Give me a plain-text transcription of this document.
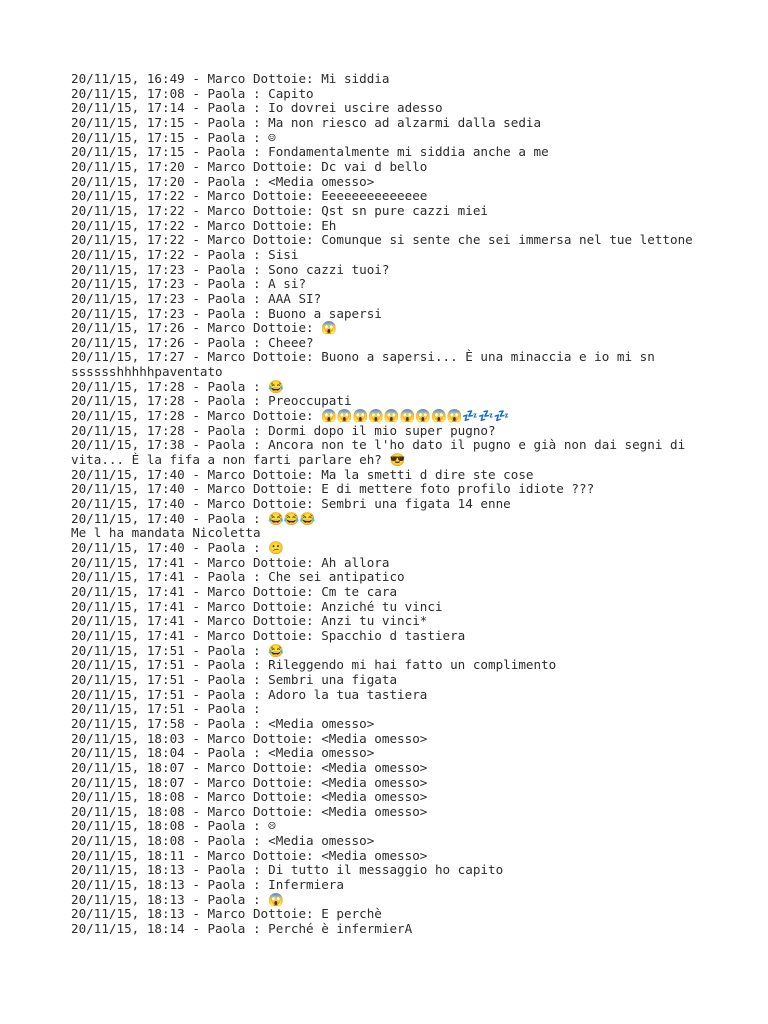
20/11/15, 16:49 - Marco Dottoie: Mi siddia
20/11/15, 17:08 - Paola : Capito
20/11/15, 17:14 - Paola : Io dovrei uscire adesso
20/11/15, 17:15 - Paola : Ma non riesco ad alzarmi dalla sedia
20/11/15, 17:15 - Paola : ☺
20/11/15, 17:15 - Paola : Fondamentalmente mi siddia anche a me
20/11/15, 17:20 - Marco Dottoie: Dc vai d bello
20/11/15, 17:20 - Paola : <Media omesso>
20/11/15, 17:22 - Marco Dottoie: Eeeeeeeeeeeeee
20/11/15, 17:22 - Marco Dottoie: Qst sn pure cazzi miei
20/11/15, 17:22 - Marco Dottoie: Eh
20/11/15, 17:22 - Marco Dottoie: Comunque si sente che sei immersa nel tue lettone
20/11/15, 17:22 - Paola : Sisi
20/11/15, 17:23 - Paola : Sono cazzi tuoi?
20/11/15, 17:23 - Paola : A si?
20/11/15, 17:23 - Paola : AAA SI?
20/11/15, 17:23 - Paola : Buono a sapersi
20/11/15, 17:26 - Marco Dottoie: 😱
20/11/15, 17:26 - Paola : Cheee?
20/11/15, 17:27 - Marco Dottoie: Buono a sapersi... È una minaccia e io mi sn sssssshhhhhpaventato
20/11/15, 17:28 - Paola : 😂
20/11/15, 17:28 - Paola : Preoccupati
20/11/15, 17:28 - Marco Dottoie: 😱😱😱😱😱😱😱😱😱💤💤💤
20/11/15, 17:28 - Paola : Dormi dopo il mio super pugno?
20/11/15, 17:38 - Paola : Ancora non te l'ho dato il pugno e già non dai segni di vita... È la fifa a non farti parlare eh? 😎
20/11/15, 17:40 - Marco Dottoie: Ma la smetti d dire ste cose
20/11/15, 17:40 - Marco Dottoie: E di mettere foto profilo idiote ???
20/11/15, 17:40 - Marco Dottoie: Sembri una figata 14 enne
20/11/15, 17:40 - Paola : 😂😂😂
Me l ha mandata Nicoletta
20/11/15, 17:40 - Paola : 😕
20/11/15, 17:41 - Marco Dottoie: Ah allora
20/11/15, 17:41 - Paola : Che sei antipatico
20/11/15, 17:41 - Marco Dottoie: Cm te cara
20/11/15, 17:41 - Marco Dottoie: Anziché tu vinci
20/11/15, 17:41 - Marco Dottoie: Anzi tu vinci*
20/11/15, 17:41 - Marco Dottoie: Spacchio d tastiera
20/11/15, 17:51 - Paola : 😂
20/11/15, 17:51 - Paola : Rileggendo mi hai fatto un complimento
20/11/15, 17:51 - Paola : Sembri una figata
20/11/15, 17:51 - Paola : Adoro la tua tastiera
20/11/15, 17:51 - Paola :
20/11/15, 17:58 - Paola : <Media omesso>
20/11/15, 18:03 - Marco Dottoie: <Media omesso>
20/11/15, 18:04 - Paola : <Media omesso>
20/11/15, 18:07 - Marco Dottoie: <Media omesso>
20/11/15, 18:07 - Marco Dottoie: <Media omesso>
20/11/15, 18:08 - Marco Dottoie: <Media omesso>
20/11/15, 18:08 - Marco Dottoie: <Media omesso>
20/11/15, 18:08 - Paola : ☹
20/11/15, 18:08 - Paola : <Media omesso>
20/11/15, 18:11 - Marco Dottoie: <Media omesso>
20/11/15, 18:13 - Paola : Di tutto il messaggio ho capito
20/11/15, 18:13 - Paola : Infermiera
20/11/15, 18:13 - Paola : 😱
20/11/15, 18:13 - Marco Dottoie: E perchè
20/11/15, 18:14 - Paola : Perché è infermierA
